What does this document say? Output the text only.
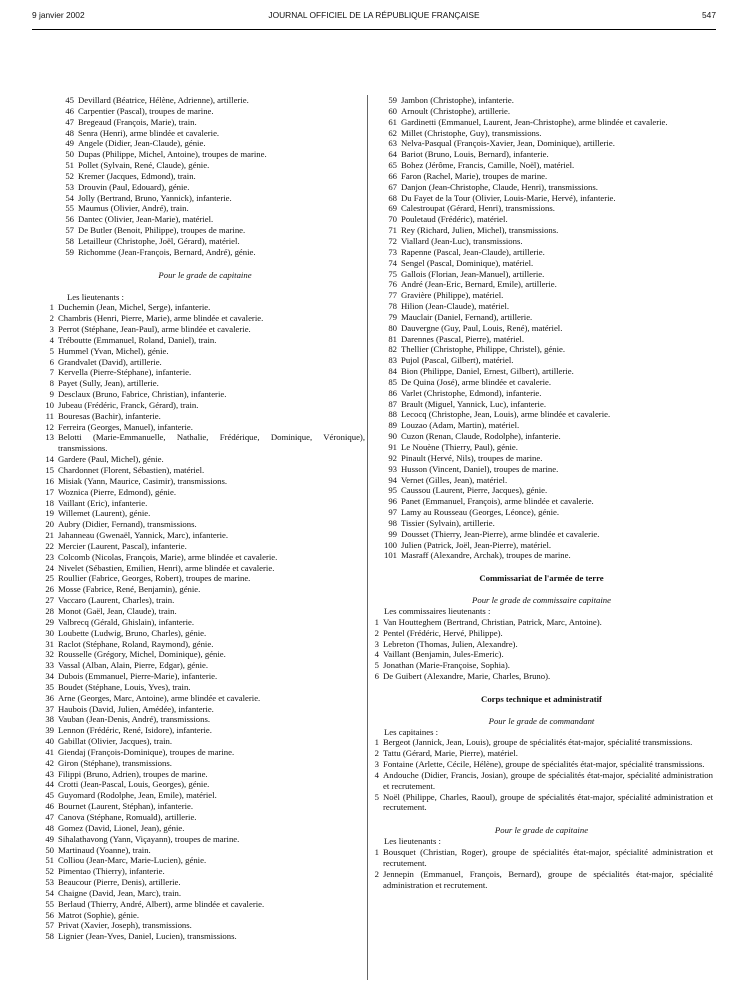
9 janvier 2002	JOURNAL OFFICIEL DE LA RÉPUBLIQUE FRANÇAISE	547
45 Devillard (Béatrice, Hélène, Adrienne), artillerie.
46 Carpentier (Pascal), troupes de marine.
47 Bregeaud (François, Marie), train.
48 Senra (Henri), arme blindée et cavalerie.
49 Angele (Didier, Jean-Claude), génie.
50 Dupas (Philippe, Michel, Antoine), troupes de marine.
51 Pollet (Sylvain, René, Claude), génie.
52 Kremer (Jacques, Edmond), train.
53 Drouvin (Paul, Edouard), génie.
54 Jolly (Bertrand, Bruno, Yannick), infanterie.
55 Maumus (Olivier, André), train.
56 Dantec (Olivier, Jean-Marie), matériel.
57 De Butler (Benoit, Philippe), troupes de marine.
58 Letailleur (Christophe, Joël, Gérard), matériel.
59 Richomme (Jean-François, Bernard, André), génie.
Pour le grade de capitaine
Les lieutenants :
1 Duchemin (Jean, Michel, Serge), infanterie.
2 Chambris (Henri, Pierre, Marie), arme blindée et cavalerie.
3 Perrot (Stéphane, Jean-Paul), arme blindée et cavalerie.
4 Tréboutte (Emmanuel, Roland, Daniel), train.
5 Hummel (Yvan, Michel), génie.
6 Grandvalet (David), artillerie.
7 Kervella (Pierre-Stéphane), infanterie.
8 Payet (Sully, Jean), artillerie.
9 Desclaux (Bruno, Fabrice, Christian), infanterie.
10 Jubeau (Frédéric, Franck, Gérard), train.
11 Bouresas (Bachir), infanterie.
12 Ferreira (Georges, Manuel), infanterie.
13 Belotti (Marie-Emmanuelle, Nathalie, Frédérique, Dominique, Véronique), transmissions.
14 Gardere (Paul, Michel), génie.
15 Chardonnet (Florent, Sébastien), matériel.
16 Misiak (Yann, Maurice, Casimir), transmissions.
17 Woznica (Pierre, Edmond), génie.
18 Vaillant (Eric), infanterie.
19 Willemet (Laurent), génie.
20 Aubry (Didier, Fernand), transmissions.
21 Jahanneau (Gwenaël, Yannick, Marc), infanterie.
22 Mercier (Laurent, Pascal), infanterie.
23 Colcomb (Nicolas, François, Marie), arme blindée et cavalerie.
24 Nivelet (Sébastien, Emilien, Henri), arme blindée et cavalerie.
25 Roullier (Fabrice, Georges, Robert), troupes de marine.
26 Mosse (Fabrice, René, Benjamin), génie.
27 Vaccaro (Laurent, Charles), train.
28 Monot (Gaël, Jean, Claude), train.
29 Valbrecq (Gérald, Ghislain), infanterie.
30 Loubette (Ludwig, Bruno, Charles), génie.
31 Raclot (Stéphane, Roland, Raymond), génie.
32 Rousselle (Grégory, Michel, Dominique), génie.
33 Vassal (Alban, Alain, Pierre, Edgar), génie.
34 Dubois (Emmanuel, Pierre-Marie), infanterie.
35 Boudet (Stéphane, Louis, Yves), train.
36 Arne (Georges, Marc, Antoine), arme blindée et cavalerie.
37 Haubois (David, Julien, Amédée), infanterie.
38 Vauban (Jean-Denis, André), transmissions.
39 Lennon (Frédéric, René, Isidore), infanterie.
40 Gabillat (Olivier, Jacques), train.
41 Giendaj (François-Dominique), troupes de marine.
42 Giron (Stéphane), transmissions.
43 Filippi (Bruno, Adrien), troupes de marine.
44 Crotti (Jean-Pascal, Louis, Georges), génie.
45 Guyomard (Rodolphe, Jean, Emile), matériel.
46 Bournet (Laurent, Stéphan), infanterie.
47 Canova (Stéphane, Romuald), artillerie.
48 Gomez (David, Lionel, Jean), génie.
49 Sihalathavong (Yann, Viçayann), troupes de marine.
50 Martinaud (Yoanne), train.
51 Colliou (Jean-Marc, Marie-Lucien), génie.
52 Pimentao (Thierry), infanterie.
53 Beaucour (Pierre, Denis), artillerie.
54 Chaigne (David, Jean, Marc), train.
55 Berlaud (Thierry, André, Albert), arme blindée et cavalerie.
56 Matrot (Sophie), génie.
57 Privat (Xavier, Joseph), transmissions.
58 Lignier (Jean-Yves, Daniel, Lucien), transmissions.
59 Jambon (Christophe), infanterie.
60 Arnoult (Christophe), artillerie.
61 Gardinetti (Emmanuel, Laurent, Jean-Christophe), arme blindée et cavalerie.
62 Millet (Christophe, Guy), transmissions.
63 Nelva-Pasqual (François-Xavier, Jean, Dominique), artillerie.
64 Bariot (Bruno, Louis, Bernard), infanterie.
65 Bohez (Jérôme, Francis, Camille, Noël), matériel.
66 Faron (Rachel, Marie), troupes de marine.
67 Danjon (Jean-Christophe, Claude, Henri), transmissions.
68 Du Fayet de la Tour (Olivier, Louis-Marie, Hervé), infanterie.
69 Calestroupat (Gérard, Henri), transmissions.
70 Pouletaud (Frédéric), matériel.
71 Rey (Richard, Julien, Michel), transmissions.
72 Viallard (Jean-Luc), transmissions.
73 Rapenne (Pascal, Jean-Claude), artillerie.
74 Sengel (Pascal, Dominique), matériel.
75 Gallois (Florian, Jean-Manuel), artillerie.
76 André (Jean-Eric, Bernard, Emile), artillerie.
77 Gravière (Philippe), matériel.
78 Hilion (Jean-Claude), matériel.
79 Mauclair (Daniel, Fernand), artillerie.
80 Dauvergne (Guy, Paul, Louis, René), matériel.
81 Darennes (Pascal, Pierre), matériel.
82 Thellier (Christophe, Philippe, Christel), génie.
83 Pujol (Pascal, Gilbert), matériel.
84 Bion (Philippe, Daniel, Ernest, Gilbert), artillerie.
85 De Quina (José), arme blindée et cavalerie.
86 Varlet (Christophe, Edmond), infanterie.
87 Brault (Miguel, Yannick, Luc), infanterie.
88 Lecocq (Christophe, Jean, Louis), arme blindée et cavalerie.
89 Louzao (Adam, Martin), matériel.
90 Cuzon (Renan, Claude, Rodolphe), infanterie.
91 Le Nouène (Thierry, Paul), génie.
92 Pinault (Hervé, Nils), troupes de marine.
93 Husson (Vincent, Daniel), troupes de marine.
94 Vernet (Gilles, Jean), matériel.
95 Caussou (Laurent, Pierre, Jacques), génie.
96 Panet (Emmanuel, François), arme blindée et cavalerie.
97 Lamy au Rousseau (Georges, Léonce), génie.
98 Tissier (Sylvain), artillerie.
99 Dousset (Thierry, Jean-Pierre), arme blindée et cavalerie.
100 Julien (Patrick, Joël, Jean-Pierre), matériel.
101 Masraff (Alexandre, Archak), troupes de marine.
Commissariat de l'armée de terre
Pour le grade de commissaire capitaine
Les commissaires lieutenants :
1 Van Houtteghem (Bertrand, Christian, Patrick, Marc, Antoine).
2 Pentel (Frédéric, Hervé, Philippe).
3 Lebreton (Thomas, Julien, Alexandre).
4 Vaillant (Benjamin, Jules-Emeric).
5 Jonathan (Marie-Françoise, Sophia).
6 De Guibert (Alexandre, Marie, Charles, Bruno).
Corps technique et administratif
Pour le grade de commandant
Les capitaines :
1 Bergeot (Jannick, Jean, Louis), groupe de spécialités état-major, spécialité transmissions.
2 Tattu (Gérard, Marie, Pierre), matériel.
3 Fontaine (Arlette, Cécile, Hélène), groupe de spécialités état-major, spécialité transmissions.
4 Andouche (Didier, Francis, Josian), groupe de spécialités état-major, spécialité administration et recrutement.
5 Noël (Philippe, Charles, Raoul), groupe de spécialités état-major, spécialité administration et recrutement.
Pour le grade de capitaine
Les lieutenants :
1 Bousquet (Christian, Roger), groupe de spécialités état-major, spécialité administration et recrutement.
2 Jennepin (Emmanuel, François, Bernard), groupe de spécialités état-major, spécialité administration et recrutement.
